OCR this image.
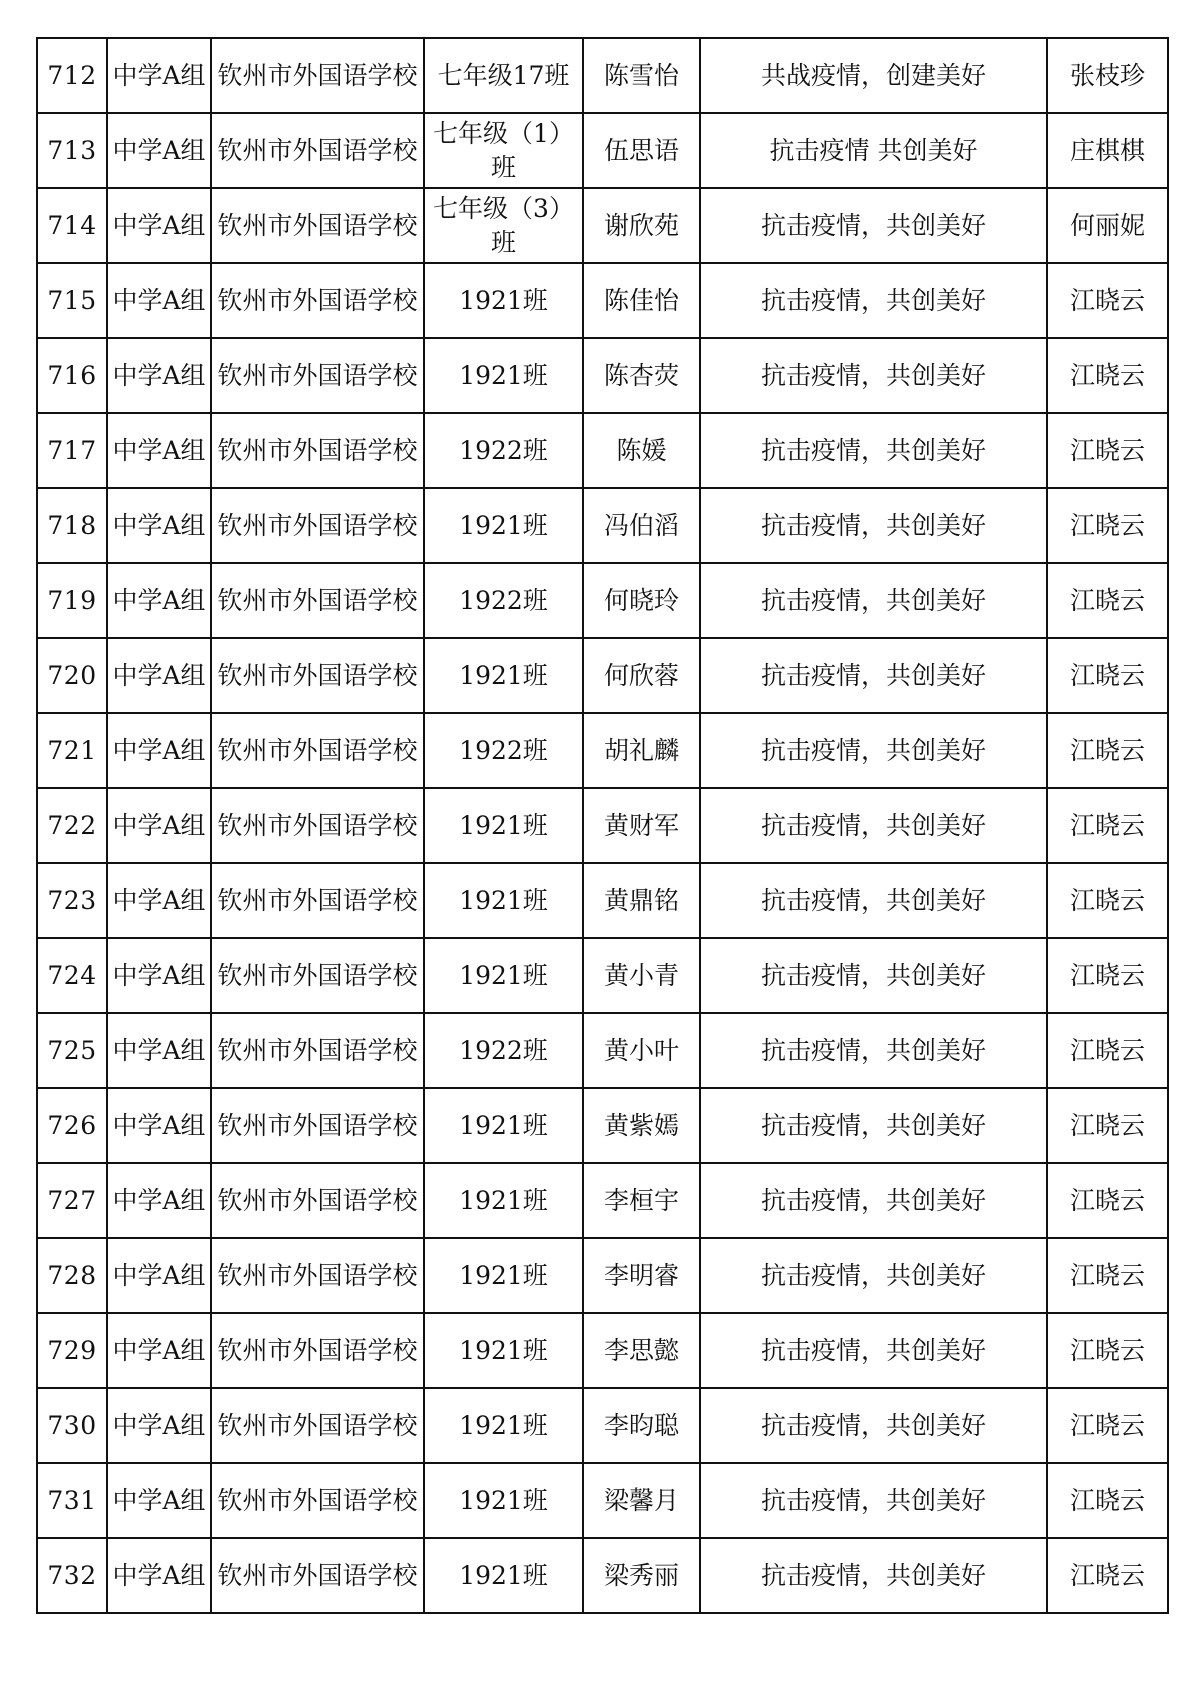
712	中学A组	钦州市外国语学校	七年级17班	陈雪怡	共战疫情，创建美好	张枝珍
713	中学A组	钦州市外国语学校	七年级（1）班	伍思语	抗击疫情 共创美好	庄棋棋
714	中学A组	钦州市外国语学校	七年级（3）班	谢欣苑	抗击疫情，共创美好	何丽妮
715	中学A组	钦州市外国语学校	1921班	陈佳怡	抗击疫情，共创美好	江晓云
716	中学A组	钦州市外国语学校	1921班	陈杏荧	抗击疫情，共创美好	江晓云
717	中学A组	钦州市外国语学校	1922班	陈媛	抗击疫情，共创美好	江晓云
718	中学A组	钦州市外国语学校	1921班	冯伯滔	抗击疫情，共创美好	江晓云
719	中学A组	钦州市外国语学校	1922班	何晓玲	抗击疫情，共创美好	江晓云
720	中学A组	钦州市外国语学校	1921班	何欣蓉	抗击疫情，共创美好	江晓云
721	中学A组	钦州市外国语学校	1922班	胡礼麟	抗击疫情，共创美好	江晓云
722	中学A组	钦州市外国语学校	1921班	黄财军	抗击疫情，共创美好	江晓云
723	中学A组	钦州市外国语学校	1921班	黄鼎铭	抗击疫情，共创美好	江晓云
724	中学A组	钦州市外国语学校	1921班	黄小青	抗击疫情，共创美好	江晓云
725	中学A组	钦州市外国语学校	1922班	黄小叶	抗击疫情，共创美好	江晓云
726	中学A组	钦州市外国语学校	1921班	黄紫嫣	抗击疫情，共创美好	江晓云
727	中学A组	钦州市外国语学校	1921班	李桓宇	抗击疫情，共创美好	江晓云
728	中学A组	钦州市外国语学校	1921班	李明睿	抗击疫情，共创美好	江晓云
729	中学A组	钦州市外国语学校	1921班	李思懿	抗击疫情，共创美好	江晓云
730	中学A组	钦州市外国语学校	1921班	李昀聪	抗击疫情，共创美好	江晓云
731	中学A组	钦州市外国语学校	1921班	梁馨月	抗击疫情，共创美好	江晓云
732	中学A组	钦州市外国语学校	1921班	梁秀丽	抗击疫情，共创美好	江晓云
